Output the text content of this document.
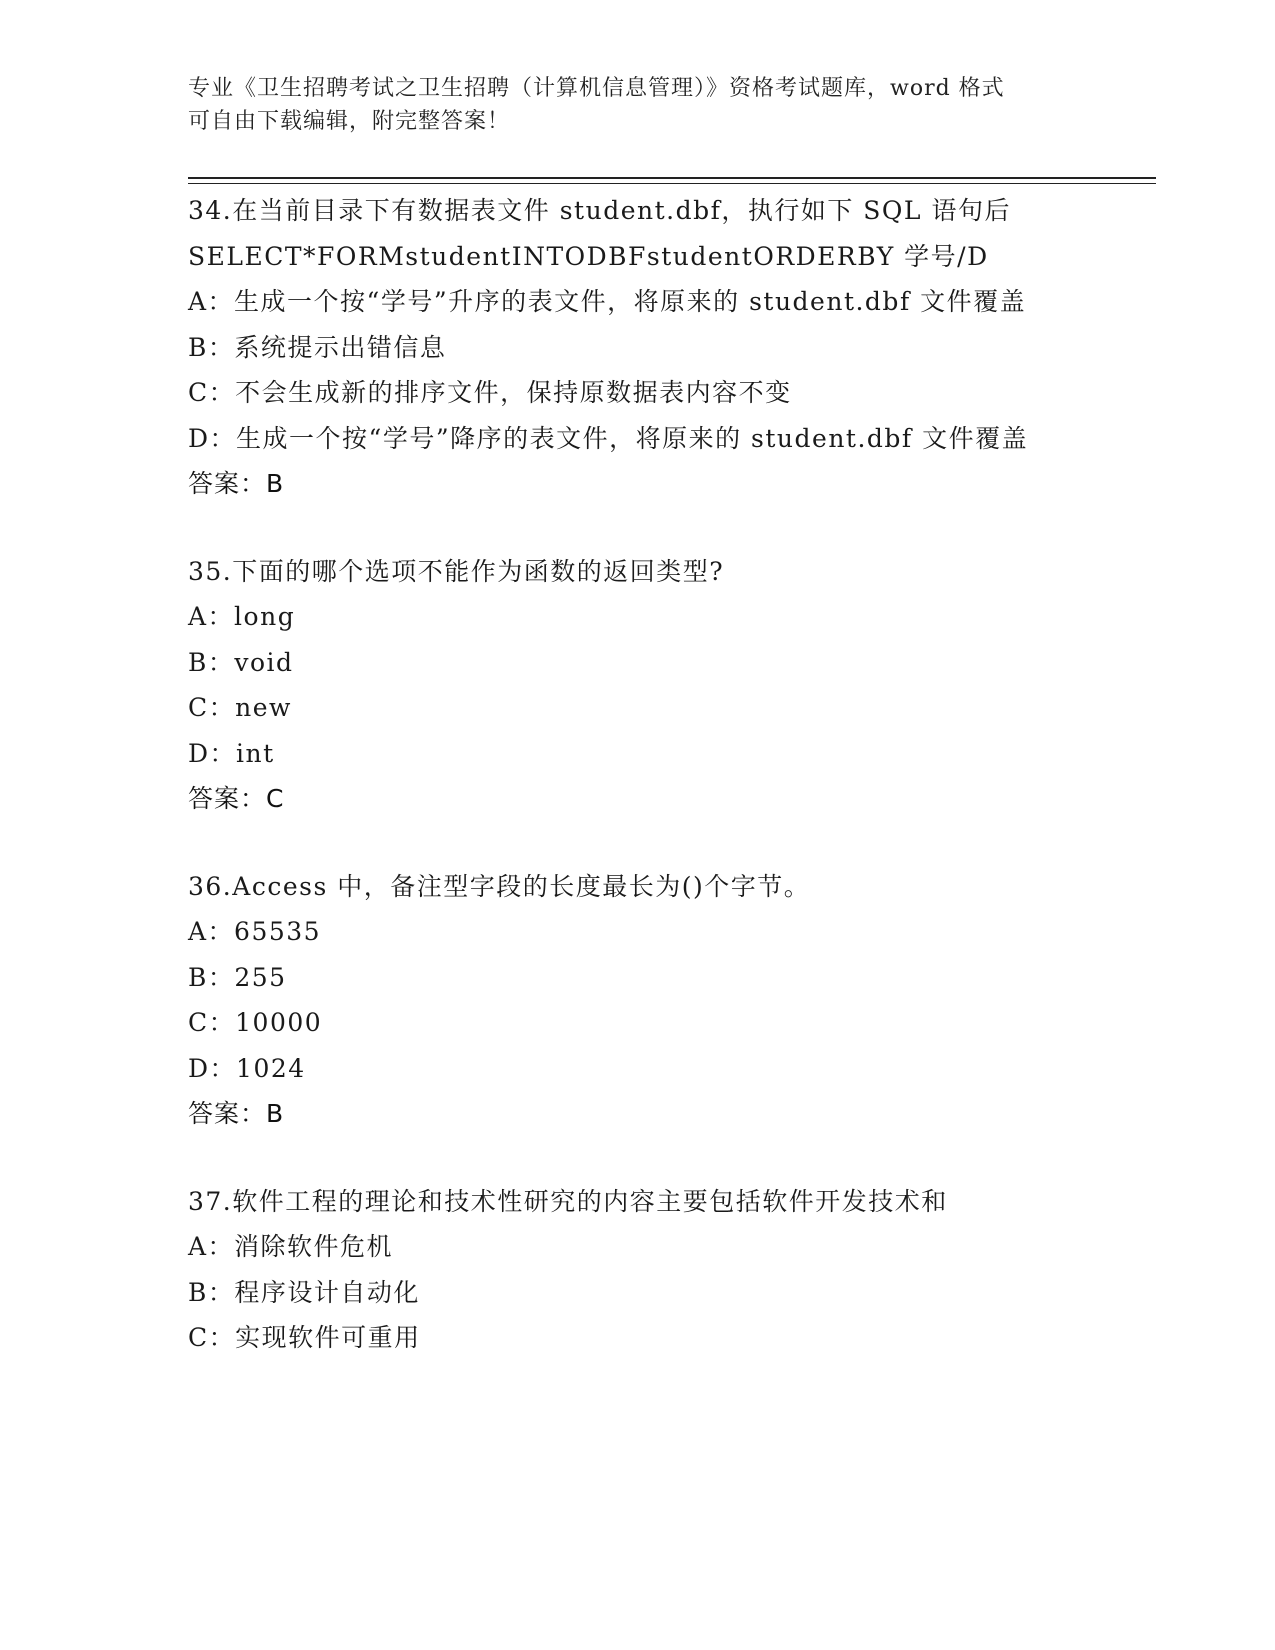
专业《卫生招聘考试之卫生招聘（计算机信息管理）》资格考试题库，word 格式
可自由下载编辑，附完整答案！
34.在当前目录下有数据表文件 student.dbf，执行如下 SQL 语句后
SELECT*FORMstudentINTODBFstudentORDERBY 学号/D
A：生成一个按“学号”升序的表文件，将原来的 student.dbf 文件覆盖
B：系统提示出错信息
C：不会生成新的排序文件，保持原数据表内容不变
D：生成一个按“学号”降序的表文件，将原来的 student.dbf 文件覆盖
答案：B
35.下面的哪个选项不能作为函数的返回类型?
A：long
B：void
C：new
D：int
答案：C
36.Access 中，备注型字段的长度最长为()个字节。
A：65535
B：255
C：10000
D：1024
答案：B
37.软件工程的理论和技术性研究的内容主要包括软件开发技术和
A：消除软件危机
B：程序设计自动化
C：实现软件可重用
